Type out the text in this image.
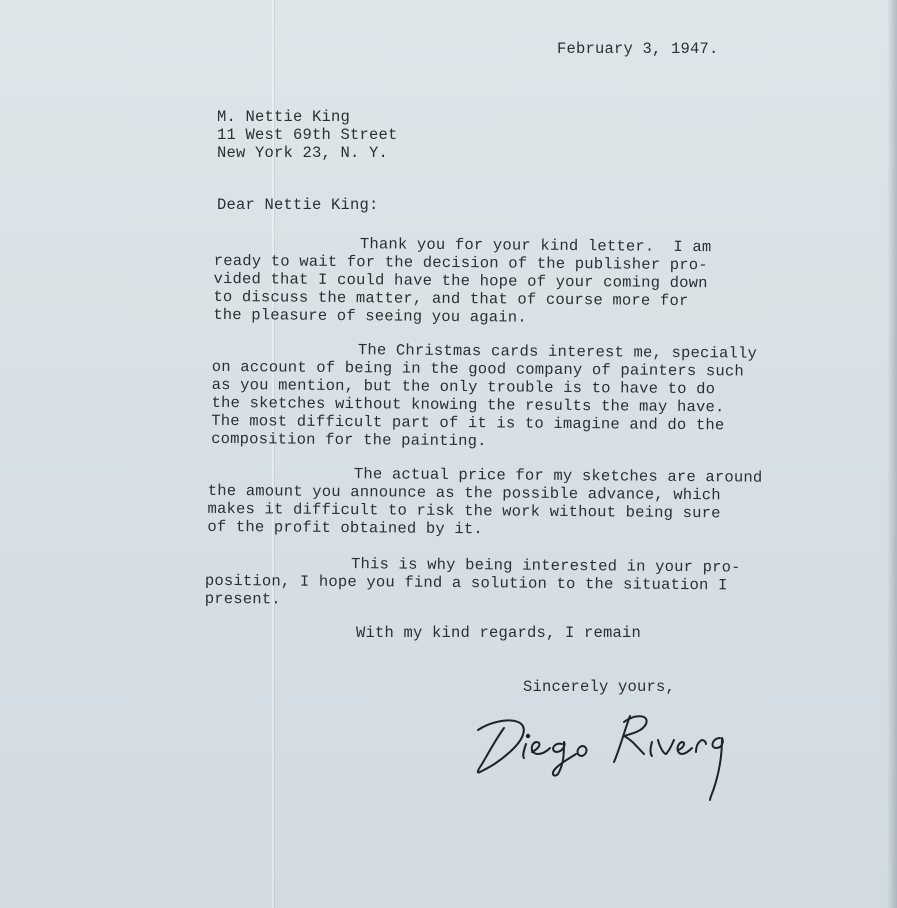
February 3, 1947.

M. Nettie King

11 West 69th Street

New York 23, N. Y.

Dear Nettie King:

Thank you for your kind letter.  I am

ready to wait for the decision of the publisher pro-

vided that I could have the hope of your coming down

to discuss the matter, and that of course more for

the pleasure of seeing you again.

The Christmas cards interest me, specially

on account of being in the good company of painters such

as you mention, but the only trouble is to have to do

the sketches without knowing the results the may have.

The most difficult part of it is to imagine and do the

composition for the painting.

The actual price for my sketches are around

the amount you announce as the possible advance, which

makes it difficult to risk the work without being sure

of the profit obtained by it.

This is why being interested in your pro-

position, I hope you find a solution to the situation I

present.

With my kind regards, I remain

Sincerely yours,
